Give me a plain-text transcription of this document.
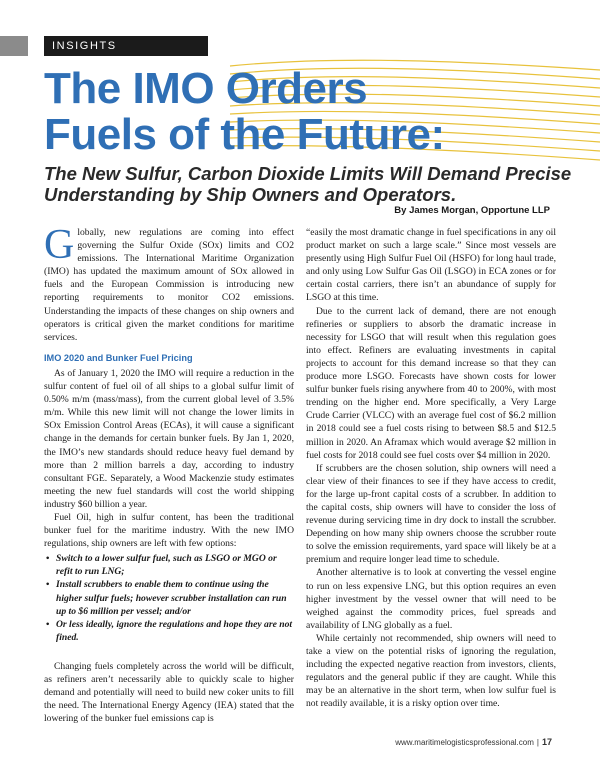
INSIGHTS
The IMO Orders
Fuels of the Future:
The New Sulfur, Carbon Dioxide Limits Will Demand Precise Understanding by Ship Owners and Operators.
By James Morgan, Opportune LLP

Globally, new regulations are coming into effect governing the Sulfur Oxide (SOx) limits and CO2 emissions. The International Maritime Organization (IMO) has updated the maximum amount of SOx allowed in fuels and the European Commission is introducing new reporting requirements to monitor CO2 emissions. Understanding the impacts of these changes on ship owners and operators is critical given the market conditions for maritime services.

IMO 2020 and Bunker Fuel Pricing

As of January 1, 2020 the IMO will require a reduction in the sulfur content of fuel oil of all ships to a global sulfur limit of 0.50% m/m (mass/mass), from the current global level of 3.5% m/m. While this new limit will not change the lower limits in SOx Emission Control Areas (ECAs), it will cause a significant change in the demands for certain bunker fuels. By Jan 1, 2020, the IMO’s new standards should reduce heavy fuel demand by more than 2 million barrels a day, according to industry consultant FGE. Separately, a Wood Mackenzie study estimates meeting the new fuel standards will cost the world shipping industry $60 billion a year.

Fuel Oil, high in sulfur content, has been the traditional bunker fuel for the maritime industry. With the new IMO regulations, ship owners are left with few options:

• Switch to a lower sulfur fuel, such as LSGO or MGO or refit to run LNG;
• Install scrubbers to enable them to continue using the higher sulfur fuels; however scrubber installation can run up to $6 million per vessel; and/or
• Or less ideally, ignore the regulations and hope they are not fined.

Changing fuels completely across the world will be difficult, as refiners aren’t necessarily able to quickly scale to higher demand and potentially will need to build new coker units to fill the need. The International Energy Agency (IEA) stated that the lowering of the bunker fuel emissions cap is

“easily the most dramatic change in fuel specifications in any oil product market on such a large scale.” Since most vessels are presently using High Sulfur Fuel Oil (HSFO) for long haul trade, and only using Low Sulfur Gas Oil (LSGO) in ECA zones or for certain costal carriers, there isn’t an abundance of supply for LSGO at this time.

Due to the current lack of demand, there are not enough refineries or suppliers to absorb the dramatic increase in necessity for LSGO that will result when this regulation goes into effect. Refiners are evaluating investments in capital projects to account for this demand increase so that they can produce more LSGO. Forecasts have shown costs for lower sulfur bunker fuels rising anywhere from 40 to 200%, with most trending on the higher end. More specifically, a Very Large Crude Carrier (VLCC) with an average fuel cost of $6.2 million in 2018 could see a fuel costs rising to between $8.5 and $12.5 million in 2020. An Aframax which would average $2 million in fuel costs for 2018 could see fuel costs over $4 million in 2020.

If scrubbers are the chosen solution, ship owners will need a clear view of their finances to see if they have access to credit, for the large up-front capital costs of a scrubber. In addition to the capital costs, ship owners will have to consider the loss of revenue during servicing time in dry dock to install the scrubber. Depending on how many ship owners choose the scrubber route to solve the emission requirements, yard space will likely be at a premium and require longer lead time to schedule.

Another alternative is to look at converting the vessel engine to run on less expensive LNG, but this option requires an even higher investment by the vessel owner that will need to be weighed against the commodity prices, fuel spreads and availability of LNG globally as a fuel.

While certainly not recommended, ship owners will need to take a view on the potential risks of ignoring the regulation, including the expected negative reaction from investors, clients, regulators and the general public if they are caught. While this may be an alternative in the short term, when low sulfur fuel is not readily available, it is a risky option over time.

www.maritimelogisticsprofessional.com | 17
